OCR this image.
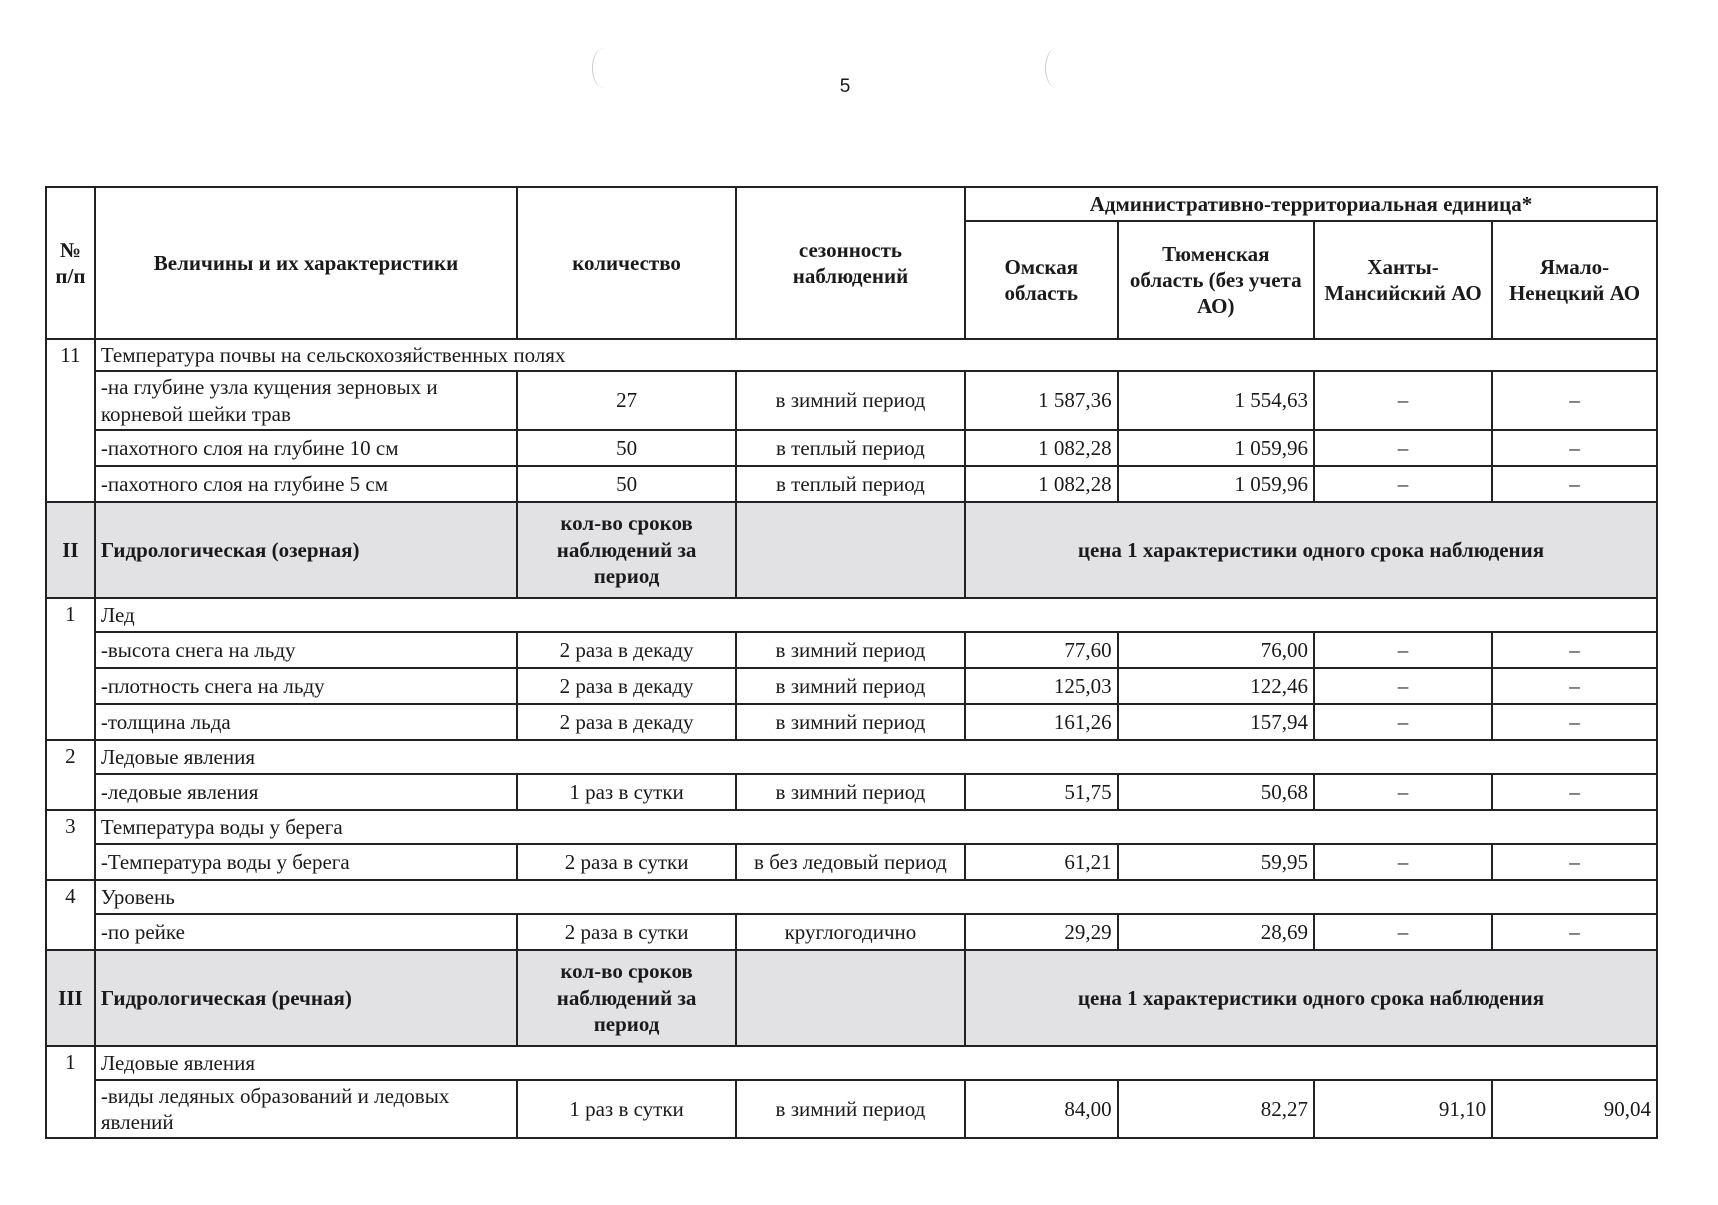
5
№ п/п	Величины и их характеристики	количество	сезонность наблюдений	Административно-территориальная единица*			
				Омская область	Тюменская область (без учета АО)	Ханты-Мансийский АО	Ямало-Ненецкий АО
11	Температура почвы на сельскохозяйственных полях						
	-на глубине узла кущения зерновых и корневой шейки трав	27	в зимний период	1 587,36	1 554,63	–	–
	-пахотного слоя на глубине 10 см	50	в теплый период	1 082,28	1 059,96	–	–
	-пахотного слоя на глубине 5 см	50	в теплый период	1 082,28	1 059,96	–	–
II	Гидрологическая (озерная)	кол-во сроков наблюдений за период		цена 1 характеристики одного срока наблюдения			
1	Лед						
	-высота снега на льду	2 раза в декаду	в зимний период	77,60	76,00	–	–
	-плотность снега на льду	2 раза в декаду	в зимний период	125,03	122,46	–	–
	-толщина льда	2 раза в декаду	в зимний период	161,26	157,94	–	–
2	Ледовые явления						
	-ледовые явления	1 раз в сутки	в зимний период	51,75	50,68	–	–
3	Температура воды у берега						
	-Температура воды у берега	2 раза в сутки	в без ледовый период	61,21	59,95	–	–
4	Уровень						
	-по рейке	2 раза в сутки	круглогодично	29,29	28,69	–	–
III	Гидрологическая (речная)	кол-во сроков наблюдений за период		цена 1 характеристики одного срока наблюдения			
1	Ледовые явления						
	-виды ледяных образований и ледовых явлений	1 раз в сутки	в зимний период	84,00	82,27	91,10	90,04
